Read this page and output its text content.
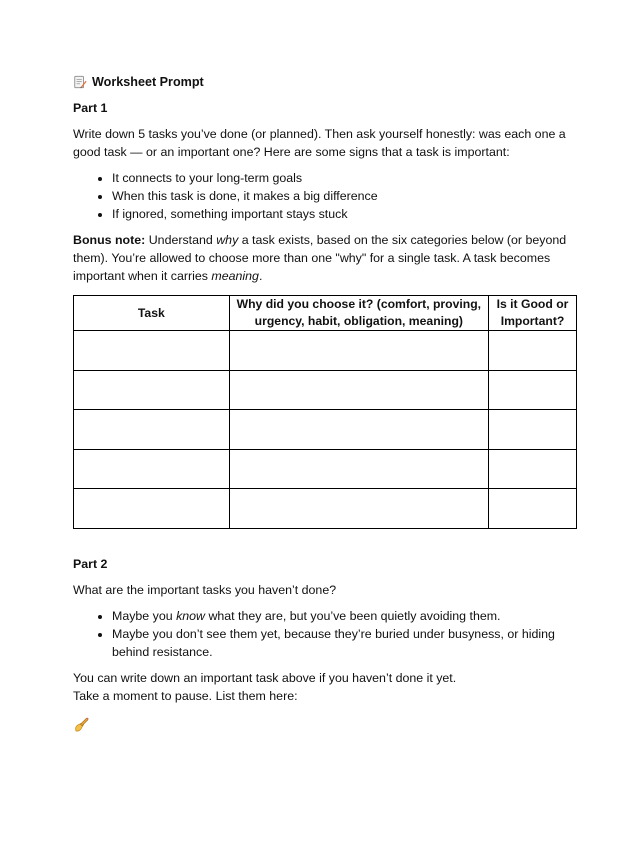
Worksheet Prompt

Part 1

Write down 5 tasks you’ve done (or planned). Then ask yourself honestly: was each one a good task — or an important one? Here are some signs that a task is important:

• It connects to your long-term goals
• When this task is done, it makes a big difference
• If ignored, something important stays stuck

Bonus note: Understand why a task exists, based on the six categories below (or beyond them). You’re allowed to choose more than one "why" for a single task. A task becomes important when it carries meaning.

Task	Why did you choose it? (comfort, proving, urgency, habit, obligation, meaning)	Is it Good or Important?

Part 2

What are the important tasks you haven’t done?

• Maybe you know what they are, but you’ve been quietly avoiding them.
• Maybe you don’t see them yet, because they’re buried under busyness, or hiding behind resistance.

You can write down an important task above if you haven’t done it yet.
Take a moment to pause. List them here:
